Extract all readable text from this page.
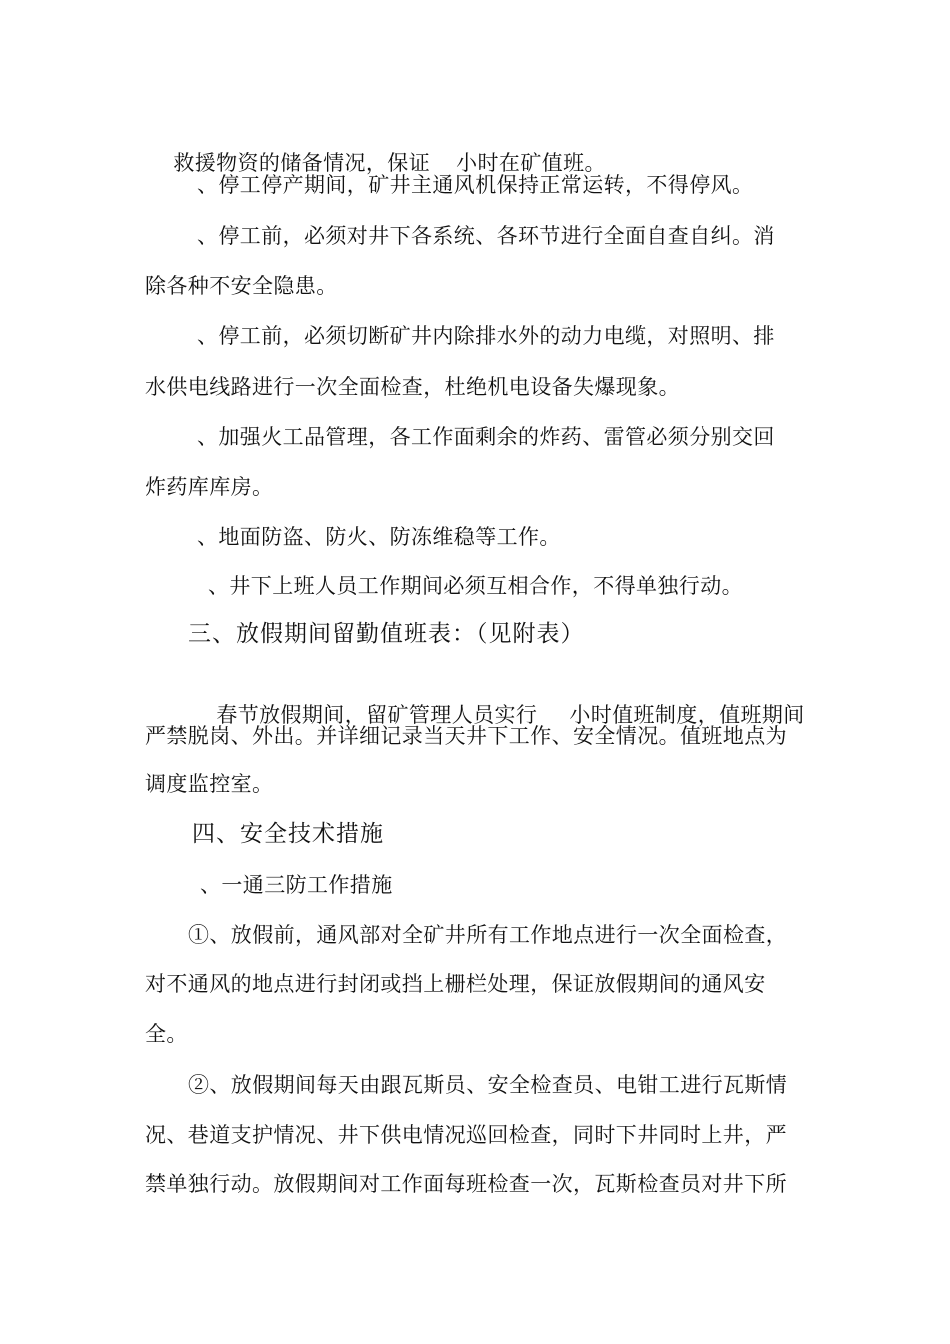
救援物资的储备情况，保证 小时在矿值班。

、停工停产期间，矿井主通风机保持正常运转，不得停风。
、停工前，必须对井下各系统、各环节进行全面自查自纠。消
除各种不安全隐患。
、停工前，必须切断矿井内除排水外的动力电缆，对照明、排
水供电线路进行一次全面检查，杜绝机电设备失爆现象。
、加强火工品管理，各工作面剩余的炸药、雷管必须分别交回
炸药库库房。
、地面防盗、防火、防冻维稳等工作。
、井下上班人员工作期间必须互相合作，不得单独行动。
三、放假期间留勤值班表：（见附表）

春节放假期间，留矿管理人员实行 小时值班制度，值班期间

严禁脱岗、外出。并详细记录当天井下工作、安全情况。值班地点为
调度监控室。
四、安全技术措施
、一通三防工作措施
①、放假前，通风部对全矿井所有工作地点进行一次全面检查，
对不通风的地点进行封闭或挡上栅栏处理，保证放假期间的通风安
全。
②、放假期间每天由跟瓦斯员、安全检查员、电钳工进行瓦斯情
况、巷道支护情况、井下供电情况巡回检查，同时下井同时上井，严
禁单独行动。放假期间对工作面每班检查一次，瓦斯检查员对井下所
